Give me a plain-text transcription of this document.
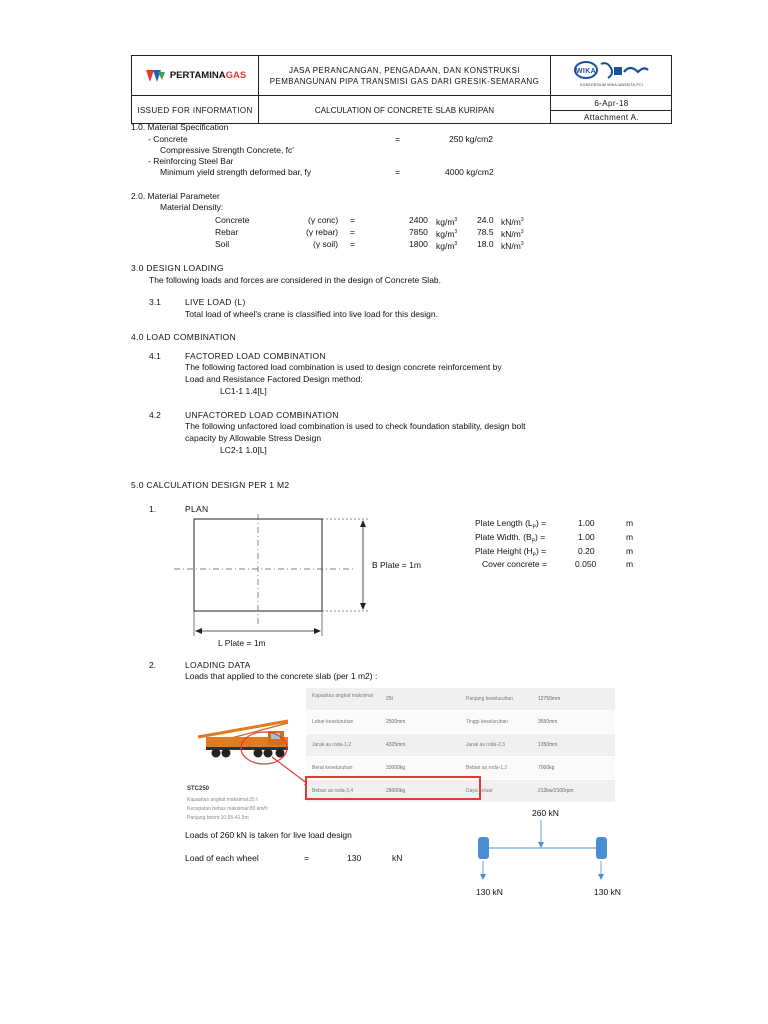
PERTAMINAGAS	JASA PERANCANGAN, PENGADAAN, DAN KONSTRUKSI
PEMBANGUNAN PIPA TRANSMISI GAS DARI GRESIK-SEMARANG
WIKA
KONSORSIUM WIKA-WASKITA-PCI
ISSUED FOR INFORMATION	CALCULATION OF CONCRETE SLAB KURIPAN
6-Apr-18
Attachment A.
1.0. Material Specification
- Concrete	=	250 kg/cm2
Compressive Strength Concrete, fc'
- Reinforcing Steel Bar
Minimum yield strength deformed bar, fy	=	4000 kg/cm2
2.0. Material Parameter
Material Density:
Concrete	(γ conc) =	2400 $kg/m^3$ 24.0 $kN/m^3$
Rebar	(γ rebar) =	7850 $kg/m^3$ 78.5 $kN/m^3$
Soil	(γ soil) =	1800 $kg/m^3$ 18.0 $kN/m^3$
3.0 DESIGN LOADING
The following loads and forces are considered in the design of Concrete Slab.
3.1	LIVE LOAD (L)
Total load of wheel's crane is classified into live load for this design.
4.0 LOAD COMBINATION
4.1	FACTORED LOAD COMBINATION
The following factored load combination is used to design concrete reinforcement by
Load and Resistance Factored Design method:
LC1-1 1.4[L]
4.2	UNFACTORED LOAD COMBINATION
The following unfactored load combination is used to check foundation stability, design bolt
capacity by Allowable Stress Design
LC2-1 1.0[L]
5.0 CALCULATION DESIGN PER 1 M2
1.	PLAN
B Plate = 1m
L Plate = 1m
Plate Length $(L_P)$ =	1.00	m
Plate Width. $(B_P)$ =	1.00	m
Plate Height $(H_P)$ =	0.20	m
Cover concrete =	0.050	m
2.	LOADING DATA
Loads that applied to the concrete slab (per 1 m2) :
STC250
Kapasitas angkat maksimal:25 t
Kecepatan bebas maksimal:80 km/h
Panjang boom:10.65-41.5m
Kapasitas angkat maksimal	25t	Panjang keseluruhan	12750mm
Lebar keseluruhan	2500mm	Tinggi keseluruhan	3550mm
Jarak as roda-1,2	4325mm	Jarak as roda-2,3	1350mm
Berat keseluruhan	33000kg	Beban as roda-1,2	7000kg
Beban as roda-3,4	26000kg	Daya keluar	213kw/2100rpm
Loads of 260 kN is taken for live load design
Load of each wheel	=	130	kN
260 kN
130 kN	130 kN
